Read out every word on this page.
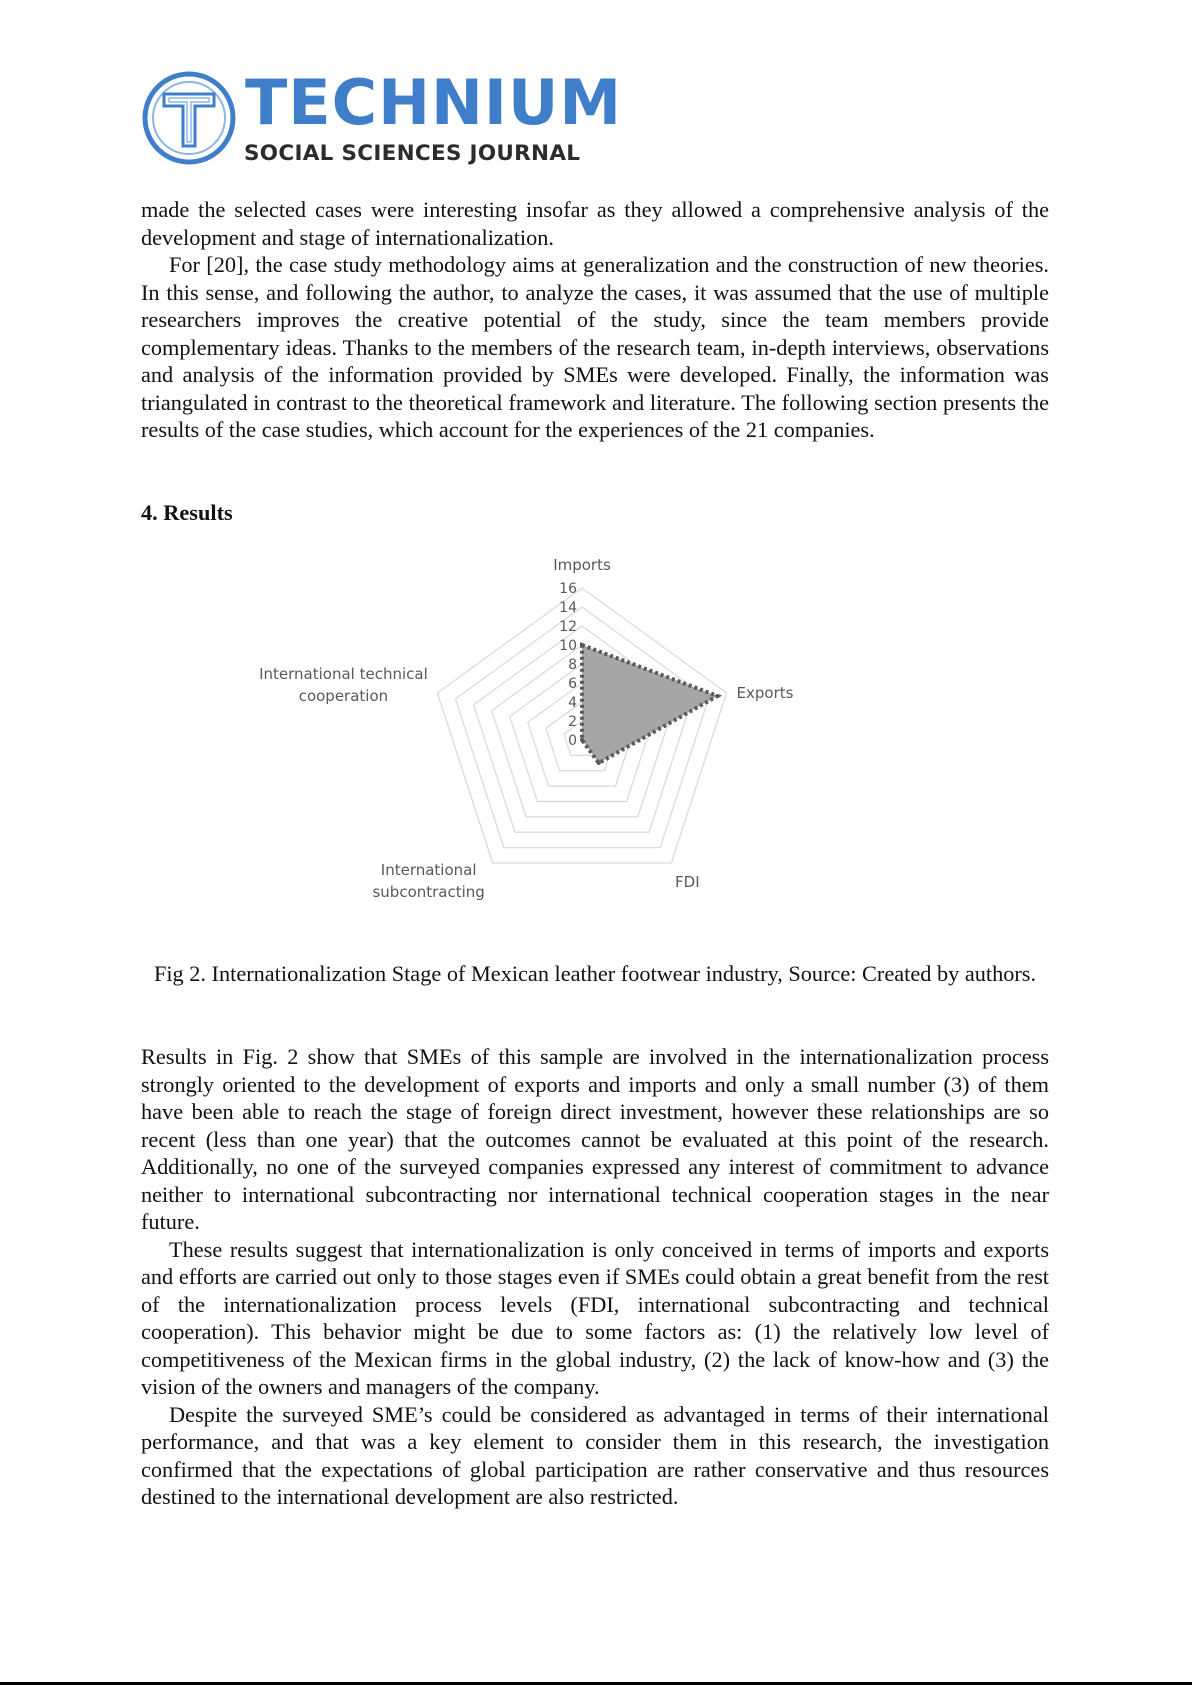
TECHNIUM
SOCIAL SCIENCES JOURNAL

made the selected cases were interesting insofar as they allowed a comprehensive analysis of the development and stage of internationalization.

For [20], the case study methodology aims at generalization and the construction of new theories. In this sense, and following the author, to analyze the cases, it was assumed that the use of multiple researchers improves the creative potential of the study, since the team members provide complementary ideas. Thanks to the members of the research team, in-depth interviews, observations and analysis of the information provided by SMEs were developed. Finally, the information was triangulated in contrast to the theoretical framework and literature. The following section presents the results of the case studies, which account for the experiences of the 21 companies.

4. Results
0
2
4
6
8
10
12
14
16
Imports
Exports
FDI
International
subcontracting
International technical
cooperation
Fig 2. Internationalization Stage of Mexican leather footwear industry, Source: Created by authors.

Results in Fig. 2 show that SMEs of this sample are involved in the internationalization process strongly oriented to the development of exports and imports and only a small number (3) of them have been able to reach the stage of foreign direct investment, however these relationships are so recent (less than one year) that the outcomes cannot be evaluated at this point of the research. Additionally, no one of the surveyed companies expressed any interest of commitment to advance neither to international subcontracting nor international technical cooperation stages in the near future.

These results suggest that internationalization is only conceived in terms of imports and exports and efforts are carried out only to those stages even if SMEs could obtain a great benefit from the rest of the internationalization process levels (FDI, international subcontracting and technical cooperation). This behavior might be due to some factors as: (1) the relatively low level of competitiveness of the Mexican firms in the global industry, (2) the lack of know-how and (3) the vision of the owners and managers of the company.

Despite the surveyed SME’s could be considered as advantaged in terms of their international performance, and that was a key element to consider them in this research, the investigation confirmed that the expectations of global participation are rather conservative and thus resources destined to the international development are also restricted.
